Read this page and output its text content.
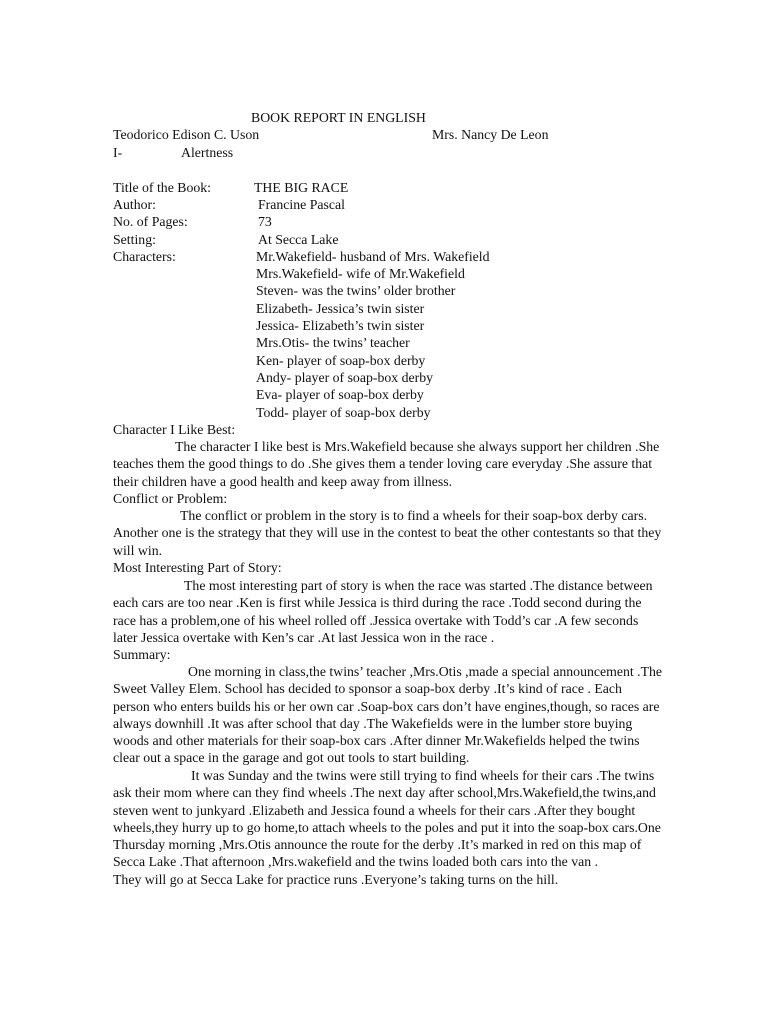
BOOK REPORT IN ENGLISH
Teodorico Edison C. Uson	Mrs. Nancy De Leon
I-	Alertness
Title of the Book:	THE BIG RACE
Author:	Francine Pascal
No. of Pages:	73
Setting:	At Secca Lake
Characters:	Mr.Wakefield- husband of Mrs. Wakefield
Mrs.Wakefield- wife of Mr.Wakefield
Steven- was the twins’ older brother
Elizabeth- Jessica’s twin sister
Jessica- Elizabeth’s twin sister
Mrs.Otis- the twins’ teacher
Ken- player of soap-box derby
Andy- player of soap-box derby
Eva- player of soap-box derby
Todd- player of soap-box derby
Character I Like Best:
The character I like best is Mrs.Wakefield because she always support her children .She
teaches them the good things to do .She gives them a tender loving care everyday .She assure that
their children have a good health and keep away from illness.
Conflict or Problem:
The conflict or problem in the story is to find a wheels for their soap-box derby cars.
Another one is the strategy that they will use in the contest to beat the other contestants so that they
will win.
Most Interesting Part of Story:
The most interesting part of story is when the race was started .The distance between
each cars are too near .Ken is first while Jessica is third during the race .Todd second during the
race has a problem,one of his wheel rolled off .Jessica overtake with Todd’s car .A few seconds
later Jessica overtake with Ken’s car .At last Jessica won in the race .
Summary:
One morning in class,the twins’ teacher ,Mrs.Otis ,made a special announcement .The
Sweet Valley Elem. School has decided to sponsor a soap-box derby .It’s kind of race . Each
person who enters builds his or her own car .Soap-box cars don’t have engines,though, so races are
always downhill .It was after school that day .The Wakefields were in the lumber store buying
woods and other materials for their soap-box cars .After dinner Mr.Wakefields helped the twins
clear out a space in the garage and got out tools to start building.
It was Sunday and the twins were still trying to find wheels for their cars .The twins
ask their mom where can they find wheels .The next day after school,Mrs.Wakefield,the twins,and
steven went to junkyard .Elizabeth and Jessica found a wheels for their cars .After they bought
wheels,they hurry up to go home,to attach wheels to the poles and put it into the soap-box cars.One
Thursday morning ,Mrs.Otis announce the route for the derby .It’s marked in red on this map of
Secca Lake .That afternoon ,Mrs.wakefield and the twins loaded both cars into the van .
They will go at Secca Lake for practice runs .Everyone’s taking turns on the hill.
